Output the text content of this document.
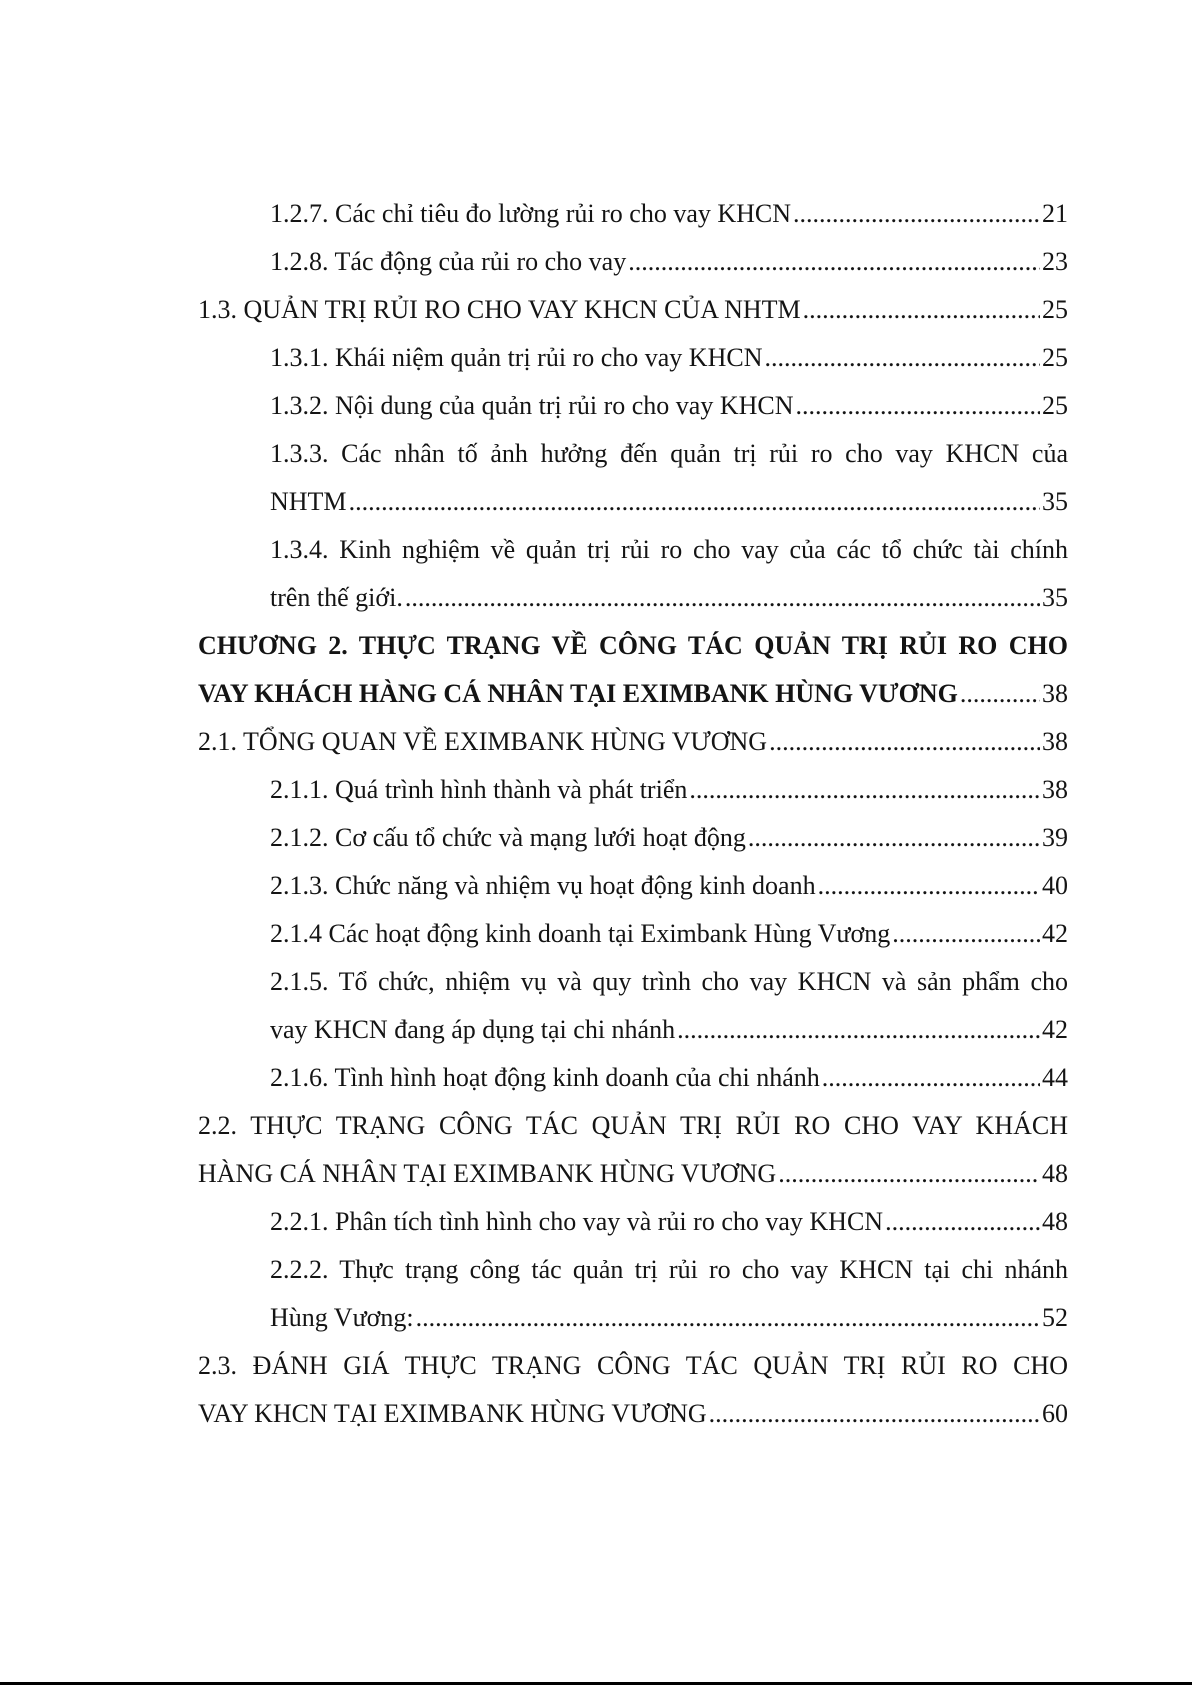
1.2.7. Các chỉ tiêu đo lường rủi ro cho vay KHCN .....	21
1.2.8. Tác động của rủi ro cho vay .....	23
1.3. QUẢN TRỊ RỦI RO CHO VAY KHCN CỦA NHTM .....	25
1.3.1. Khái niệm quản trị rủi ro cho vay KHCN .....	25
1.3.2. Nội dung của quản trị rủi ro cho vay KHCN .....	25
1.3.3. Các nhân tố ảnh hưởng đến quản trị rủi ro cho vay KHCN của
NHTM .....	35
1.3.4. Kinh nghiệm về quản trị rủi ro cho vay của các tổ chức tài chính
trên thế giới. .....	35
CHƯƠNG 2. THỰC TRẠNG VỀ CÔNG TÁC QUẢN TRỊ RỦI RO CHO
VAY KHÁCH HÀNG CÁ NHÂN TẠI EXIMBANK HÙNG VƯƠNG .....	38
2.1. TỔNG QUAN VỀ EXIMBANK HÙNG VƯƠNG .....	38
2.1.1. Quá trình hình thành và phát triển .....	38
2.1.2. Cơ cấu tổ chức và mạng lưới hoạt động .....	39
2.1.3. Chức năng và nhiệm vụ hoạt động kinh doanh .....	40
2.1.4 Các hoạt động kinh doanh tại Eximbank Hùng Vương .....	42
2.1.5. Tổ chức, nhiệm vụ và quy trình cho vay KHCN và sản phẩm cho
vay KHCN đang áp dụng tại chi nhánh .....	42
2.1.6. Tình hình hoạt động kinh doanh của chi nhánh .....	44
2.2. THỰC TRẠNG CÔNG TÁC QUẢN TRỊ RỦI RO CHO VAY KHÁCH
HÀNG CÁ NHÂN TẠI EXIMBANK HÙNG VƯƠNG .....	48
2.2.1. Phân tích tình hình cho vay và rủi ro cho vay KHCN .....	48
2.2.2. Thực trạng công tác quản trị rủi ro cho vay KHCN tại chi nhánh
Hùng Vương: .....	52
2.3. ĐÁNH GIÁ THỰC TRẠNG CÔNG TÁC QUẢN TRỊ RỦI RO CHO
VAY KHCN TẠI EXIMBANK HÙNG VƯƠNG .....	60
